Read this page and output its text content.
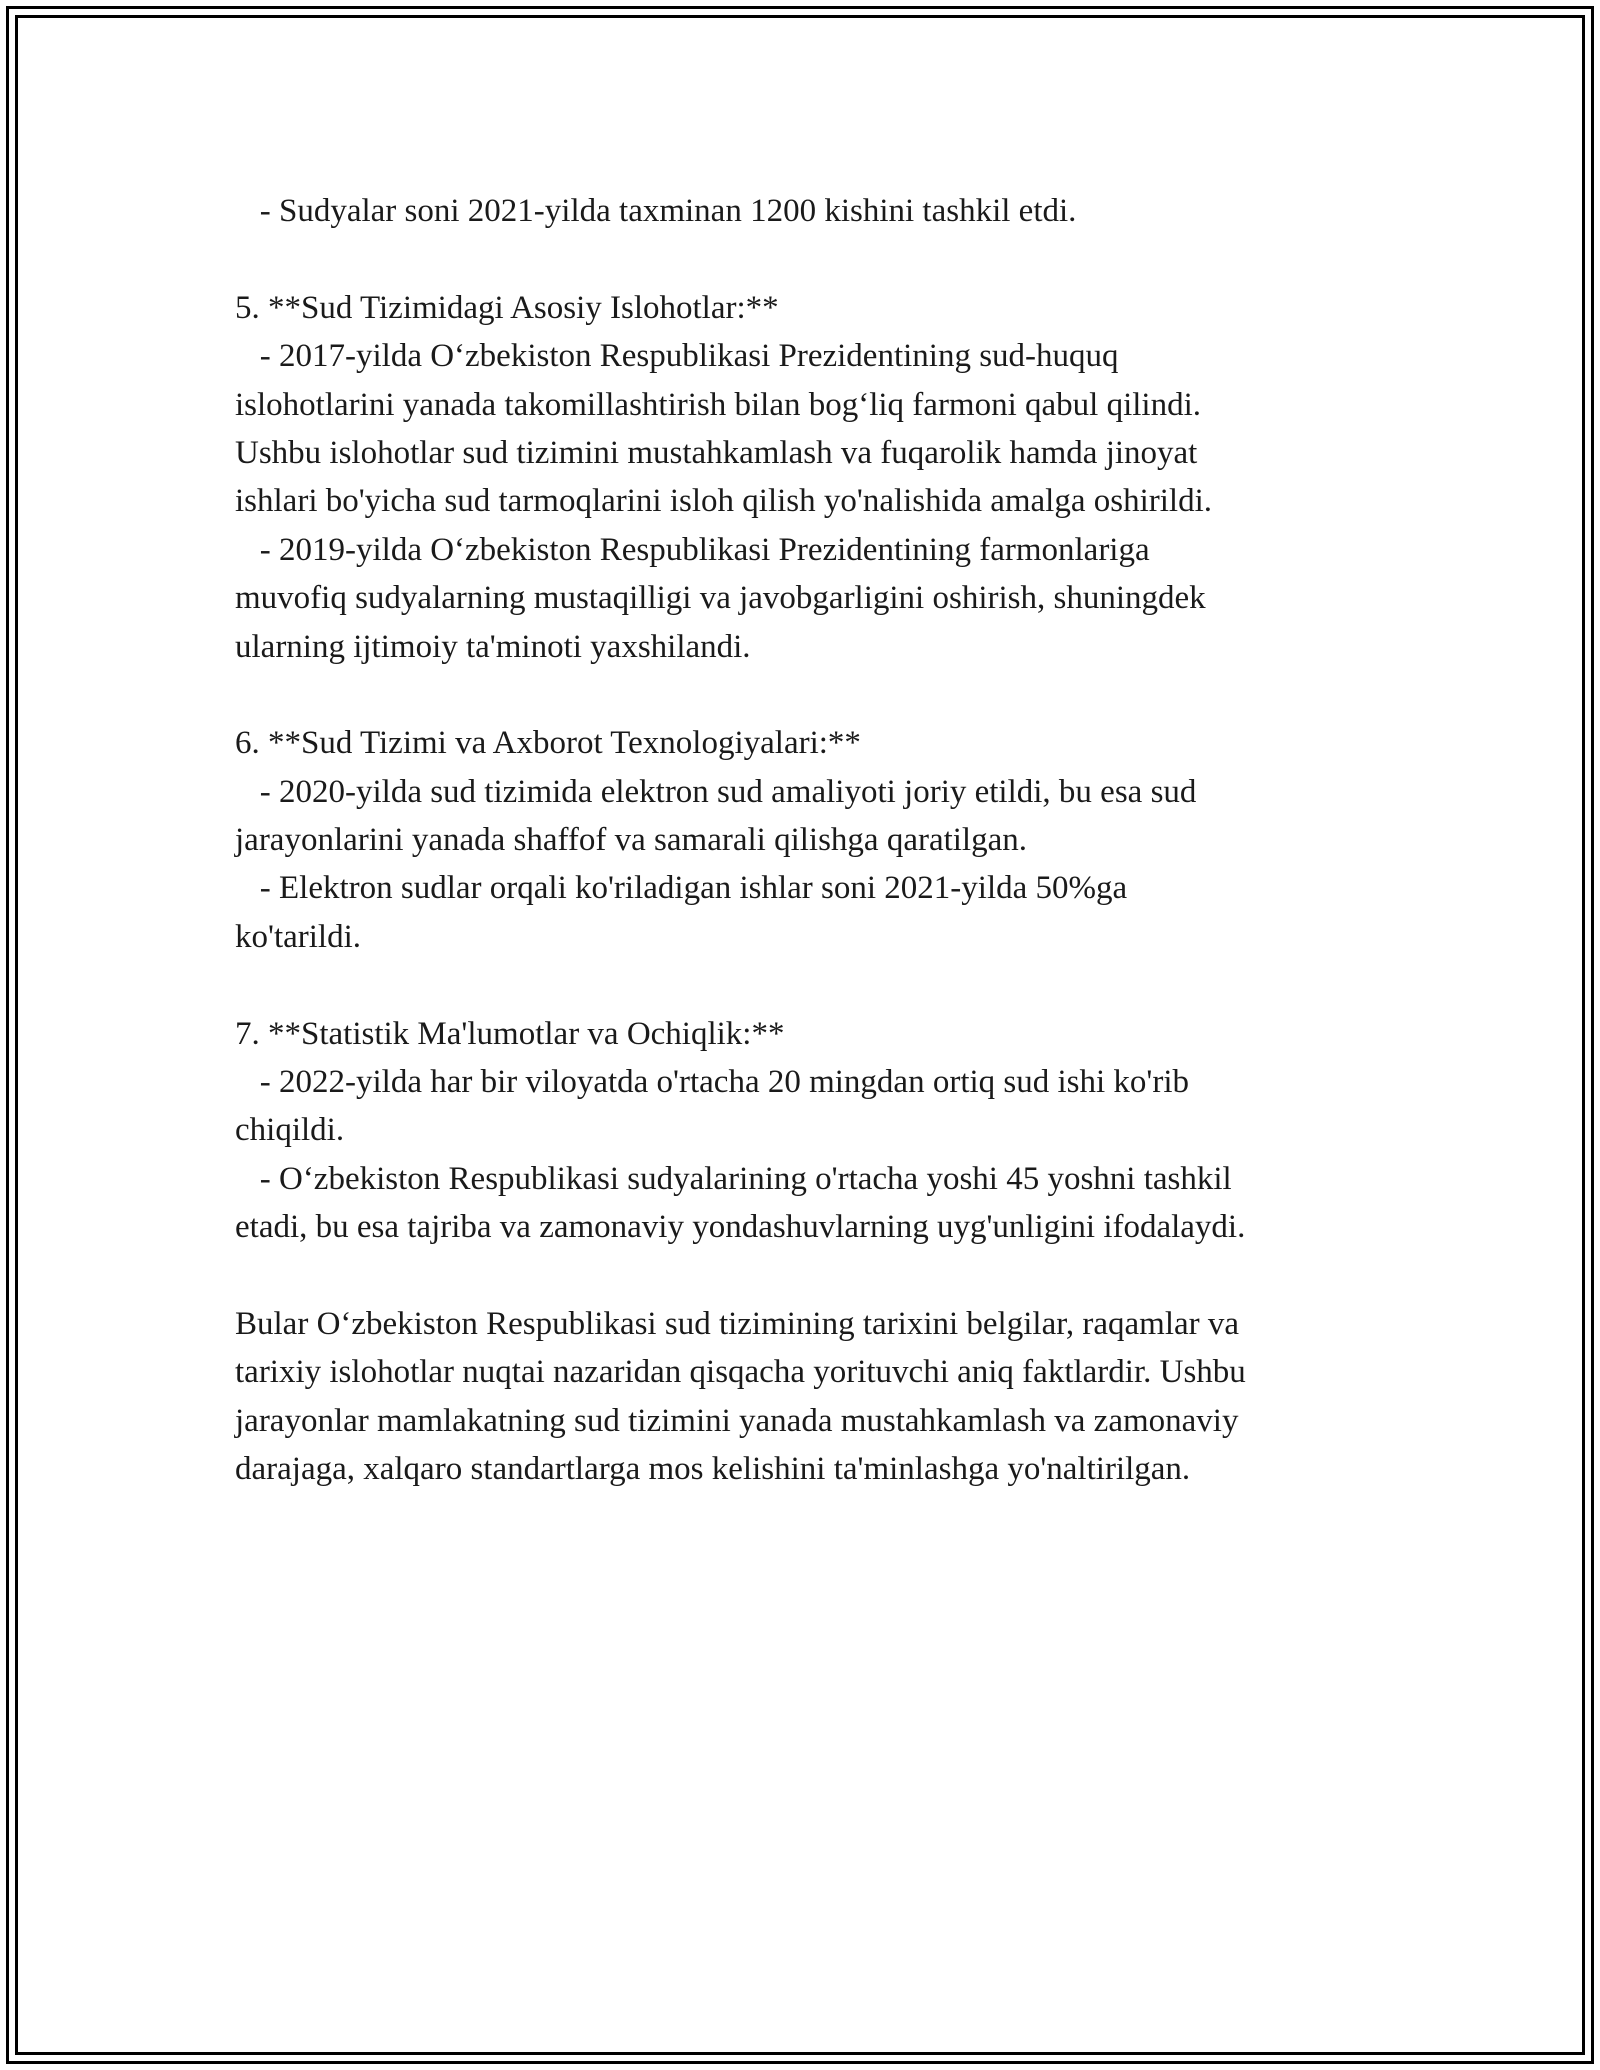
- Sudyalar soni 2021-yilda taxminan 1200 kishini tashkil etdi.
5. **Sud Tizimidagi Asosiy Islohotlar:**
- 2017-yilda O‘zbekiston Respublikasi Prezidentining sud-huquq
islohotlarini yanada takomillashtirish bilan bog‘liq farmoni qabul qilindi.
Ushbu islohotlar sud tizimini mustahkamlash va fuqarolik hamda jinoyat
ishlari bo'yicha sud tarmoqlarini isloh qilish yo'nalishida amalga oshirildi.
- 2019-yilda O‘zbekiston Respublikasi Prezidentining farmonlariga
muvofiq sudyalarning mustaqilligi va javobgarligini oshirish, shuningdek
ularning ijtimoiy ta'minoti yaxshilandi.
6. **Sud Tizimi va Axborot Texnologiyalari:**
- 2020-yilda sud tizimida elektron sud amaliyoti joriy etildi, bu esa sud
jarayonlarini yanada shaffof va samarali qilishga qaratilgan.
- Elektron sudlar orqali ko'riladigan ishlar soni 2021-yilda 50%ga
ko'tarildi.
7. **Statistik Ma'lumotlar va Ochiqlik:**
- 2022-yilda har bir viloyatda o'rtacha 20 mingdan ortiq sud ishi ko'rib
chiqildi.
- O‘zbekiston Respublikasi sudyalarining o'rtacha yoshi 45 yoshni tashkil
etadi, bu esa tajriba va zamonaviy yondashuvlarning uyg'unligini ifodalaydi.
Bular O‘zbekiston Respublikasi sud tizimining tarixini belgilar, raqamlar va
tarixiy islohotlar nuqtai nazaridan qisqacha yorituvchi aniq faktlardir. Ushbu
jarayonlar mamlakatning sud tizimini yanada mustahkamlash va zamonaviy
darajaga, xalqaro standartlarga mos kelishini ta'minlashga yo'naltirilgan.
